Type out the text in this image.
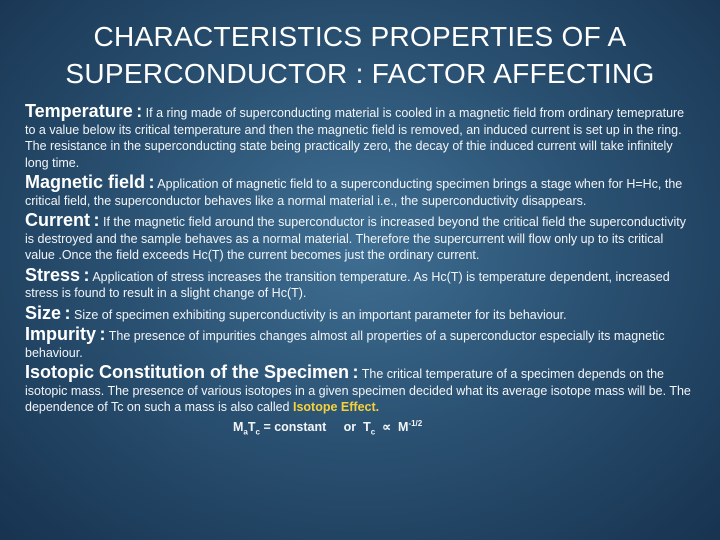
CHARACTERISTICS PROPERTIES OF A
SUPERCONDUCTOR : FACTOR AFFECTING

Temperature : If a ring made of superconducting material is cooled in a magnetic field from ordinary temeprature to a value below its critical temperature and then the magnetic field is removed, an induced current is set up in the ring. The resistance in the superconducting state being practically zero, the decay of thie induced current will take infinitely long time.

Magnetic field : Application of magnetic field to a superconducting specimen brings a stage when for H=Hc, the critical field, the superconductor behaves like a normal material i.e., the superconductivity disappears.

Current : If the magnetic field around the superconductor is increased beyond the critical field the superconductivity is destroyed and the sample behaves as a normal material. Therefore the supercurrent will flow only up to its critical value .Once the field exceeds Hc(T) the current becomes just the ordinary current.

Stress : Application of stress increases the transition temperature. As Hc(T) is temperature dependent, increased stress is found to result in a slight change of Hc(T).

Size : Size of specimen exhibiting superconductivity is an important parameter for its behaviour.

Impurity : The presence of impurities changes almost all properties of a superconductor especially its magnetic behaviour.

Isotopic Constitution of the Specimen : The critical temperature of a specimen depends on the isotopic mass. The presence of various isotopes in a given specimen decided what its average isotope mass will be. The dependence of Tc on such a mass is also called Isotope Effect.

$M_aT_c$ = constant     or  $T_c \propto M^{-1/2}$
